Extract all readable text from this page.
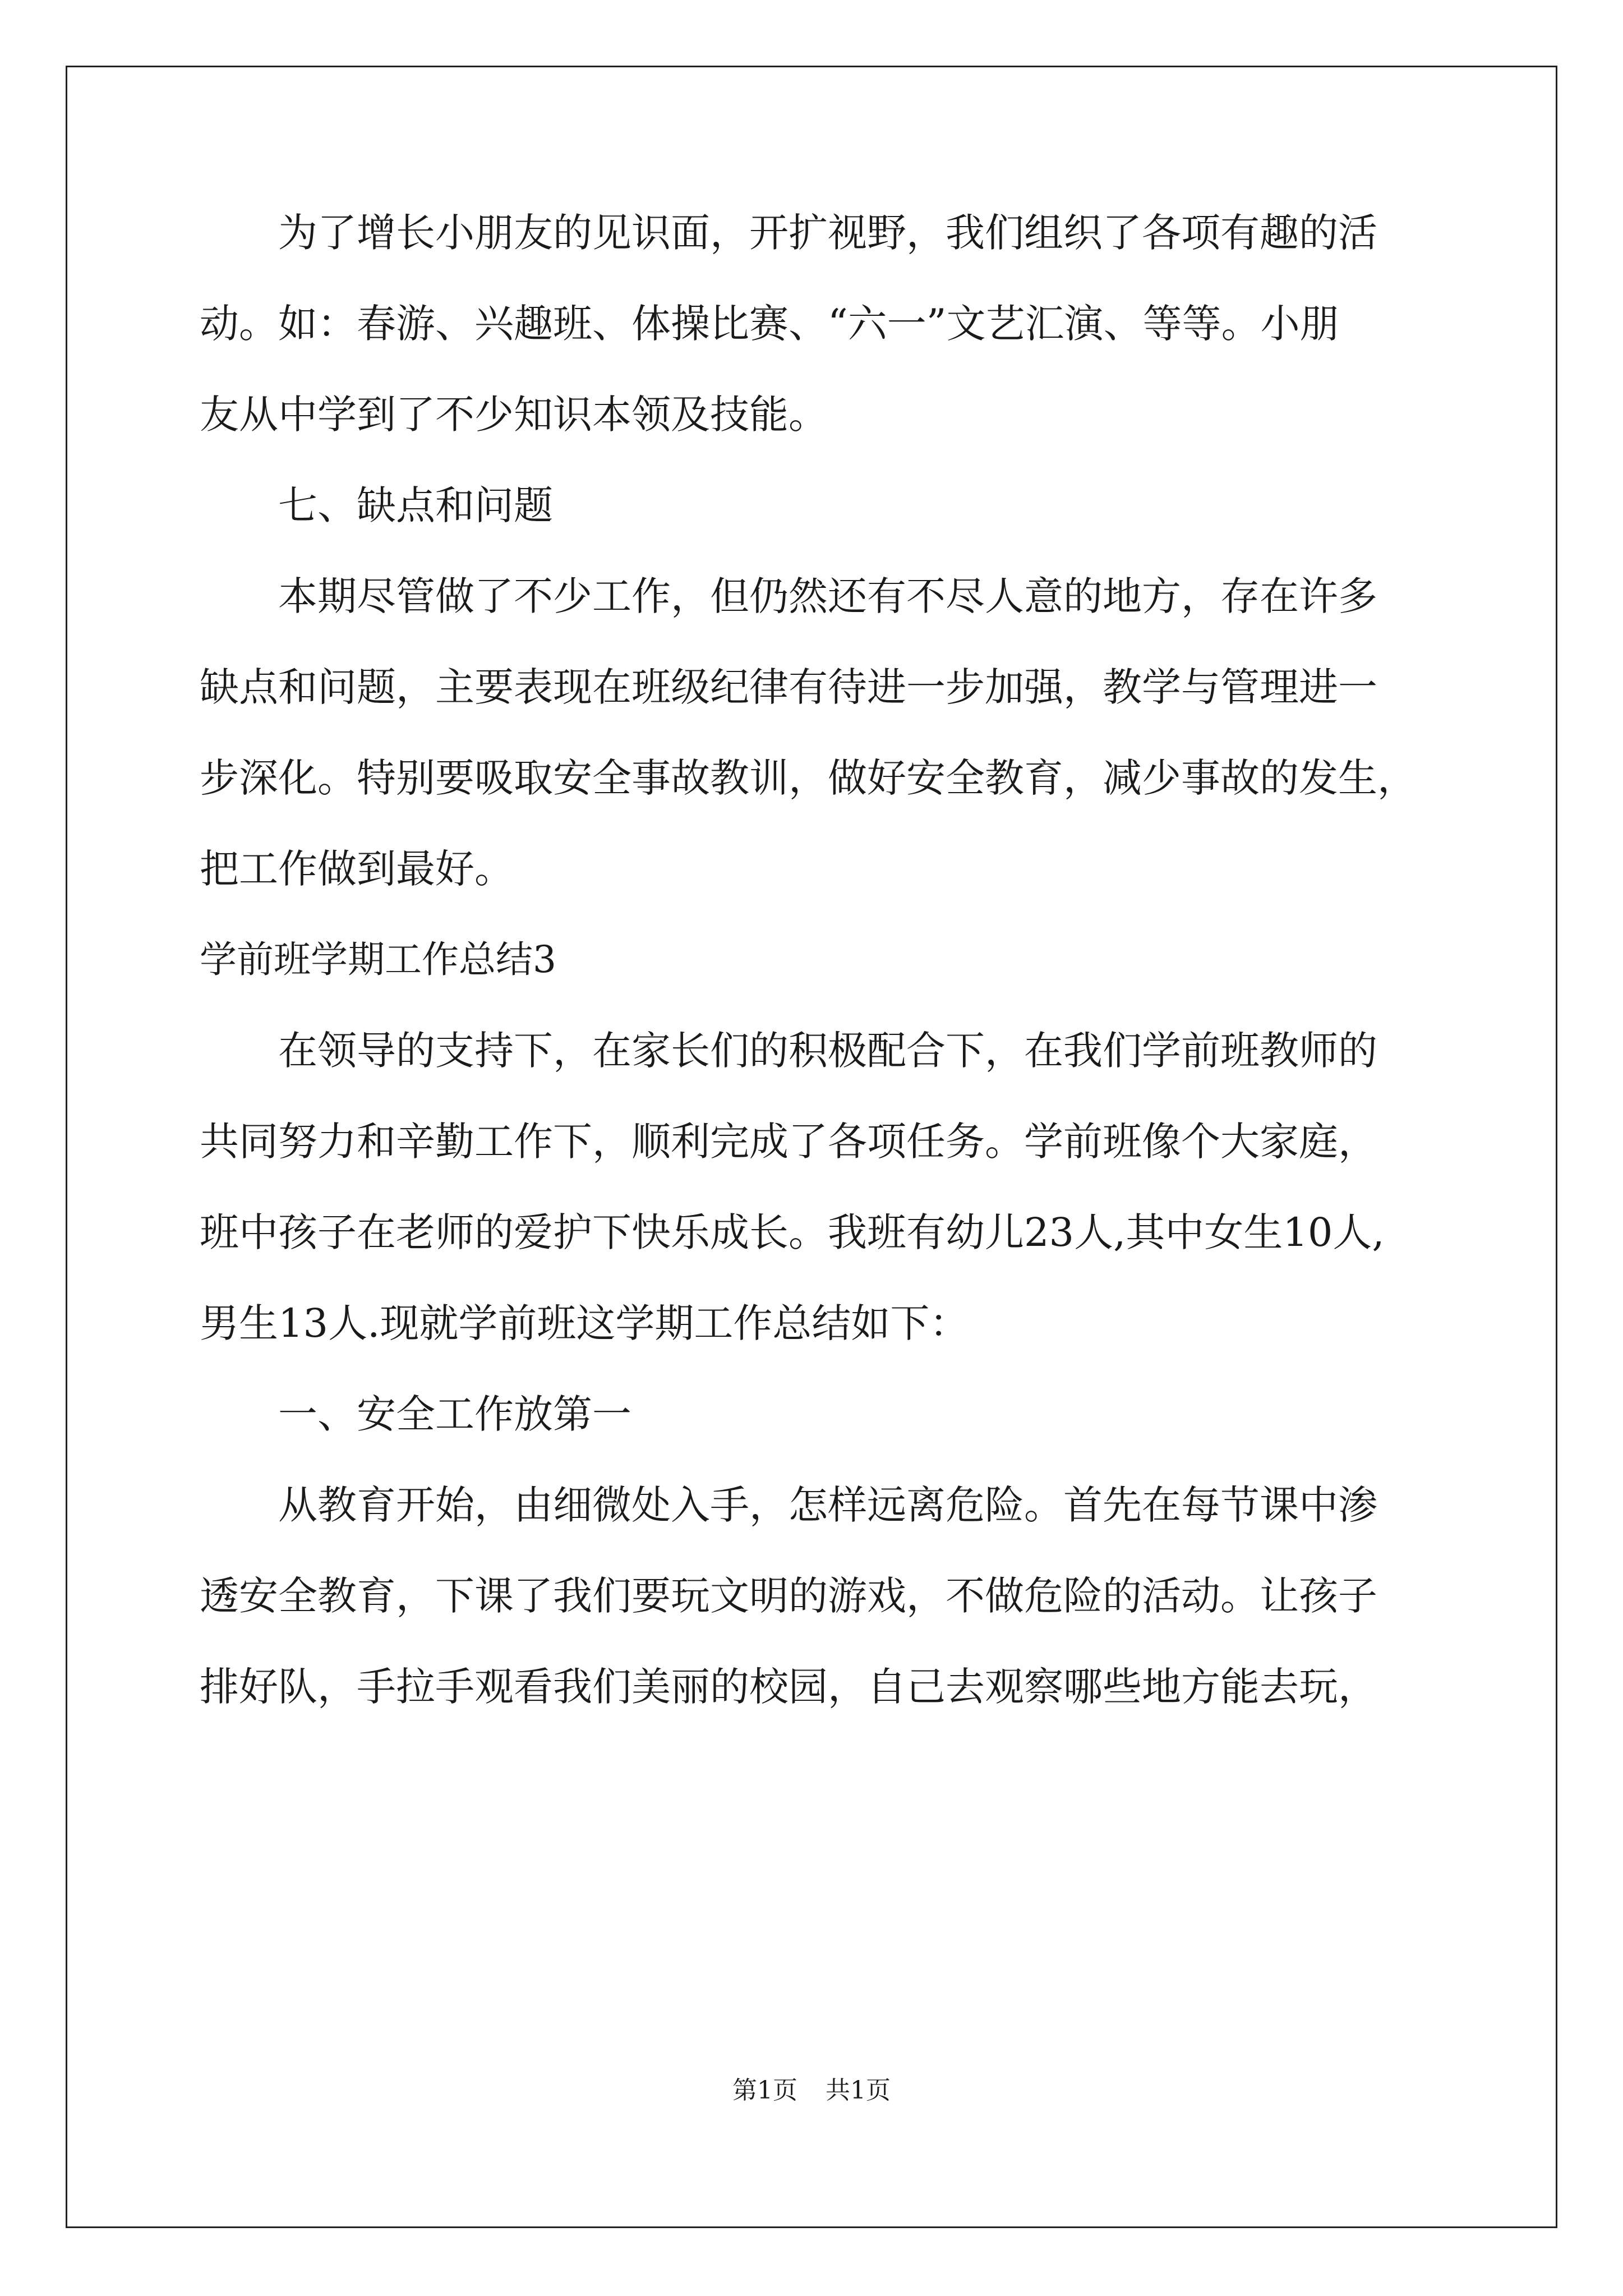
为了增长小朋友的见识面，开扩视野，我们组织了各项有趣的活
动。如：春游、兴趣班、体操比赛、“六一”文艺汇演、等等。小朋
友从中学到了不少知识本领及技能。
七、缺点和问题
本期尽管做了不少工作，但仍然还有不尽人意的地方，存在许多
缺点和问题，主要表现在班级纪律有待进一步加强，教学与管理进一
步深化。特别要吸取安全事故教训，做好安全教育，减少事故的发生，
把工作做到最好。
学前班学期工作总结3
在领导的支持下，在家长们的积极配合下，在我们学前班教师的
共同努力和辛勤工作下，顺利完成了各项任务。学前班像个大家庭，
班中孩子在老师的爱护下快乐成长。我班有幼儿23人,其中女生10人,
男生13人.现就学前班这学期工作总结如下：
一、安全工作放第一
从教育开始，由细微处入手，怎样远离危险。首先在每节课中渗
透安全教育，下课了我们要玩文明的游戏，不做危险的活动。让孩子
排好队，手拉手观看我们美丽的校园，自己去观察哪些地方能去玩，
第1页 共1页
